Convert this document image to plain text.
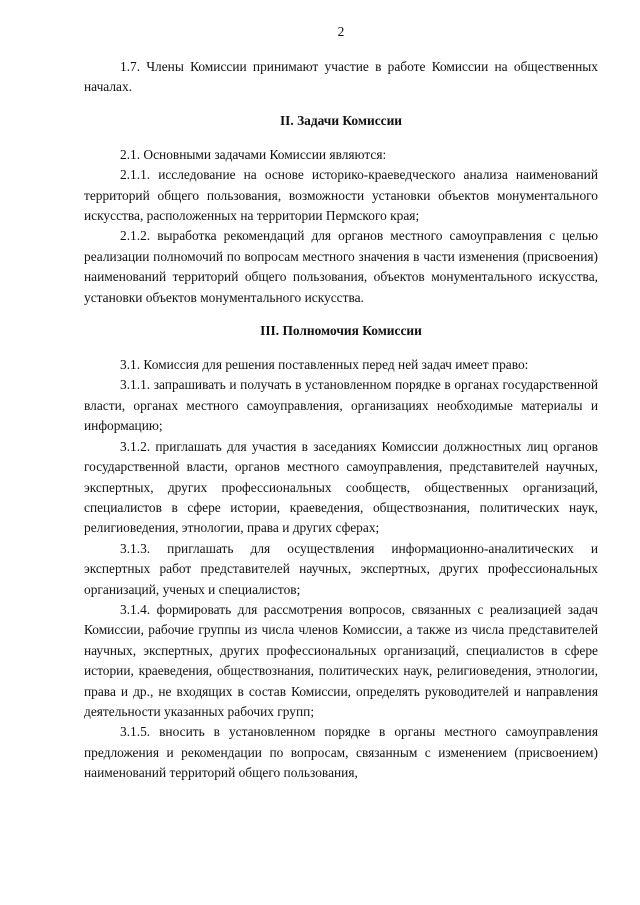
2

1.7. Члены Комиссии принимают участие в работе Комиссии на общественных началах.

II. Задачи Комиссии

2.1. Основными задачами Комиссии являются:

2.1.1. исследование на основе историко-краеведческого анализа наименований территорий общего пользования, возможности установки объектов монументального искусства, расположенных на территории Пермского края;

2.1.2. выработка рекомендаций для органов местного самоуправления с целью реализации полномочий по вопросам местного значения в части изменения (присвоения) наименований территорий общего пользования, объектов монументального искусства, установки объектов монументального искусства.

III. Полномочия Комиссии

3.1. Комиссия для решения поставленных перед ней задач имеет право:

3.1.1. запрашивать и получать в установленном порядке в органах государственной власти, органах местного самоуправления, организациях необходимые материалы и информацию;

3.1.2. приглашать для участия в заседаниях Комиссии должностных лиц органов государственной власти, органов местного самоуправления, представителей научных, экспертных, других профессиональных сообществ, общественных организаций, специалистов в сфере истории, краеведения, обществознания, политических наук, религиоведения, этнологии, права и других сферах;

3.1.3. приглашать для осуществления информационно-аналитических и экспертных работ представителей научных, экспертных, других профессиональных организаций, ученых и специалистов;

3.1.4. формировать для рассмотрения вопросов, связанных с реализацией задач Комиссии, рабочие группы из числа членов Комиссии, а также из числа представителей научных, экспертных, других профессиональных организаций, специалистов в сфере истории, краеведения, обществознания, политических наук, религиоведения, этнологии, права и др., не входящих в состав Комиссии, определять руководителей и направления деятельности указанных рабочих групп;

3.1.5. вносить в установленном порядке в органы местного самоуправления предложения и рекомендации по вопросам, связанным с изменением (присвоением) наименований территорий общего пользования,
